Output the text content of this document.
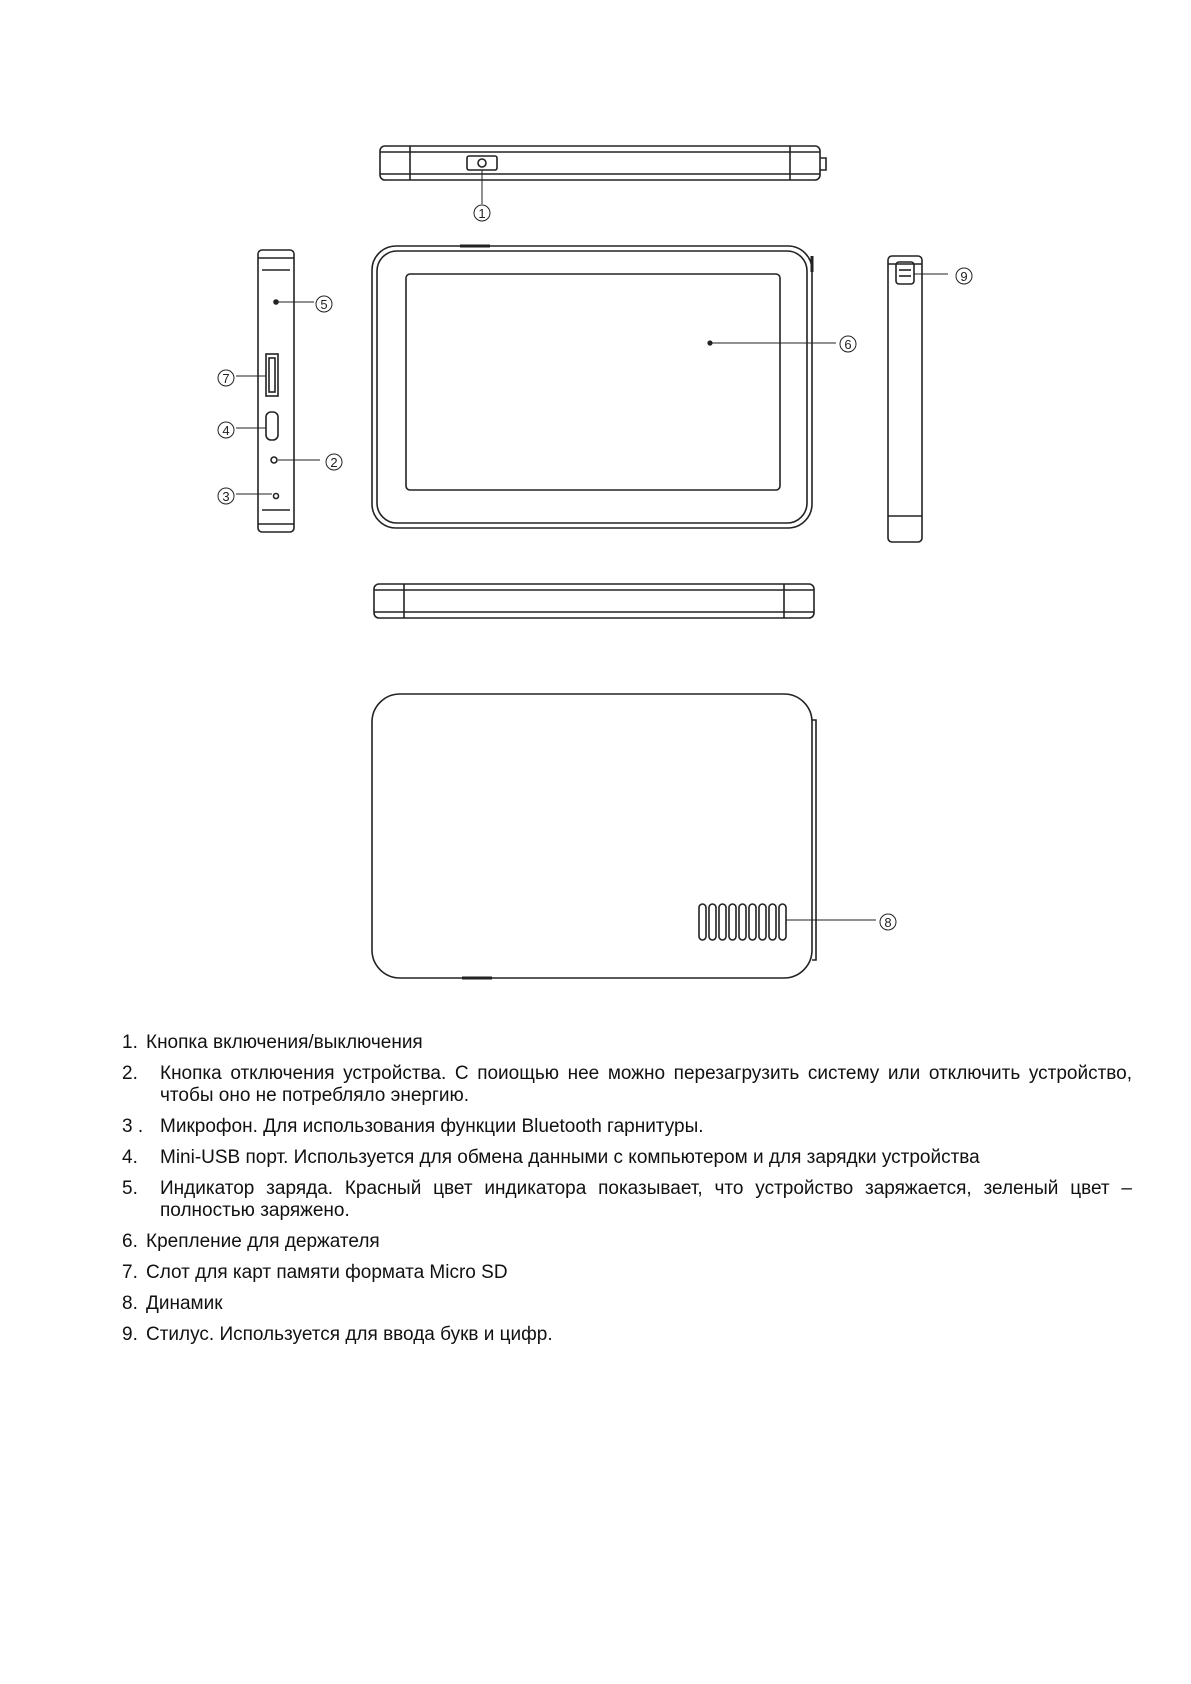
1
2
3
4
5
6
7
8
9
1. Кнопка включения/выключения
2. Кнопка отключения устройства. С поиощью нее можно перезагрузить систему или отключить устройство, чтобы оно не потребляло энергию.
3 . Микрофон. Для использования функции Bluetooth гарнитуры.
4. Mini-USB порт. Используется для обмена данными с компьютером и для зарядки устройства
5. Индикатор заряда. Красный цвет индикатора показывает, что устройство заряжается, зеленый цвет – полностью заряжено.
6. Крепление для держателя
7. Слот для карт памяти формата Micro SD
8. Динамик
9. Стилус. Используется для ввода букв и цифр.
